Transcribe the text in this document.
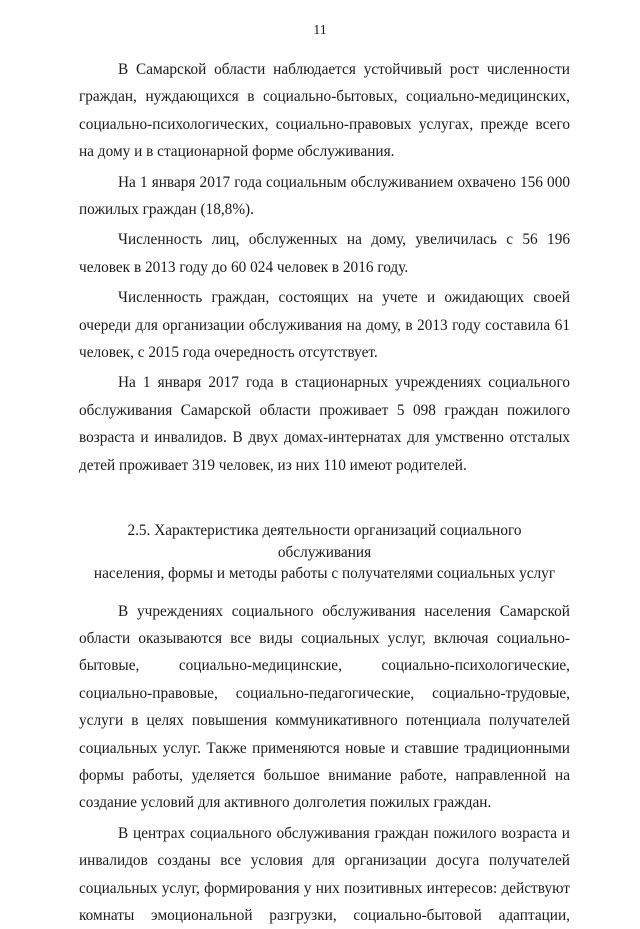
11

В Самарской области наблюдается устойчивый рост численности граждан, нуждающихся в социально-бытовых, социально-медицинских, социально-психологических, социально-правовых услугах, прежде всего на дому и в стационарной форме обслуживания.

На 1 января 2017 года социальным обслуживанием охвачено 156 000 пожилых граждан (18,8%).

Численность лиц, обслуженных на дому, увеличилась с 56 196 человек в 2013 году до 60 024 человек в 2016 году.

Численность граждан, состоящих на учете и ожидающих своей очереди для организации обслуживания на дому, в 2013 году составила 61 человек, с 2015 года очередность отсутствует.

На 1 января 2017 года в стационарных учреждениях социального обслуживания Самарской области проживает 5 098 граждан пожилого возраста и инвалидов. В двух домах-интернатах для умственно отсталых детей проживает 319 человек, из них 110 имеют родителей.

2.5. Характеристика деятельности организаций социального обслуживания
населения, формы и методы работы с получателями социальных услуг

В учреждениях социального обслуживания населения Самарской области оказываются все виды социальных услуг, включая социально-бытовые, социально-медицинские, социально-психологические, социально-правовые, социально-педагогические, социально-трудовые, услуги в целях повышения коммуникативного потенциала получателей социальных услуг. Также применяются новые и ставшие традиционными формы работы, уделяется большое внимание работе, направленной на создание условий для активного долголетия пожилых граждан.

В центрах социального обслуживания граждан пожилого возраста и инвалидов созданы все условия для организации досуга получателей социальных услуг, формирования у них позитивных интересов: действуют комнаты эмоциональной разгрузки, социально-бытовой адаптации,
